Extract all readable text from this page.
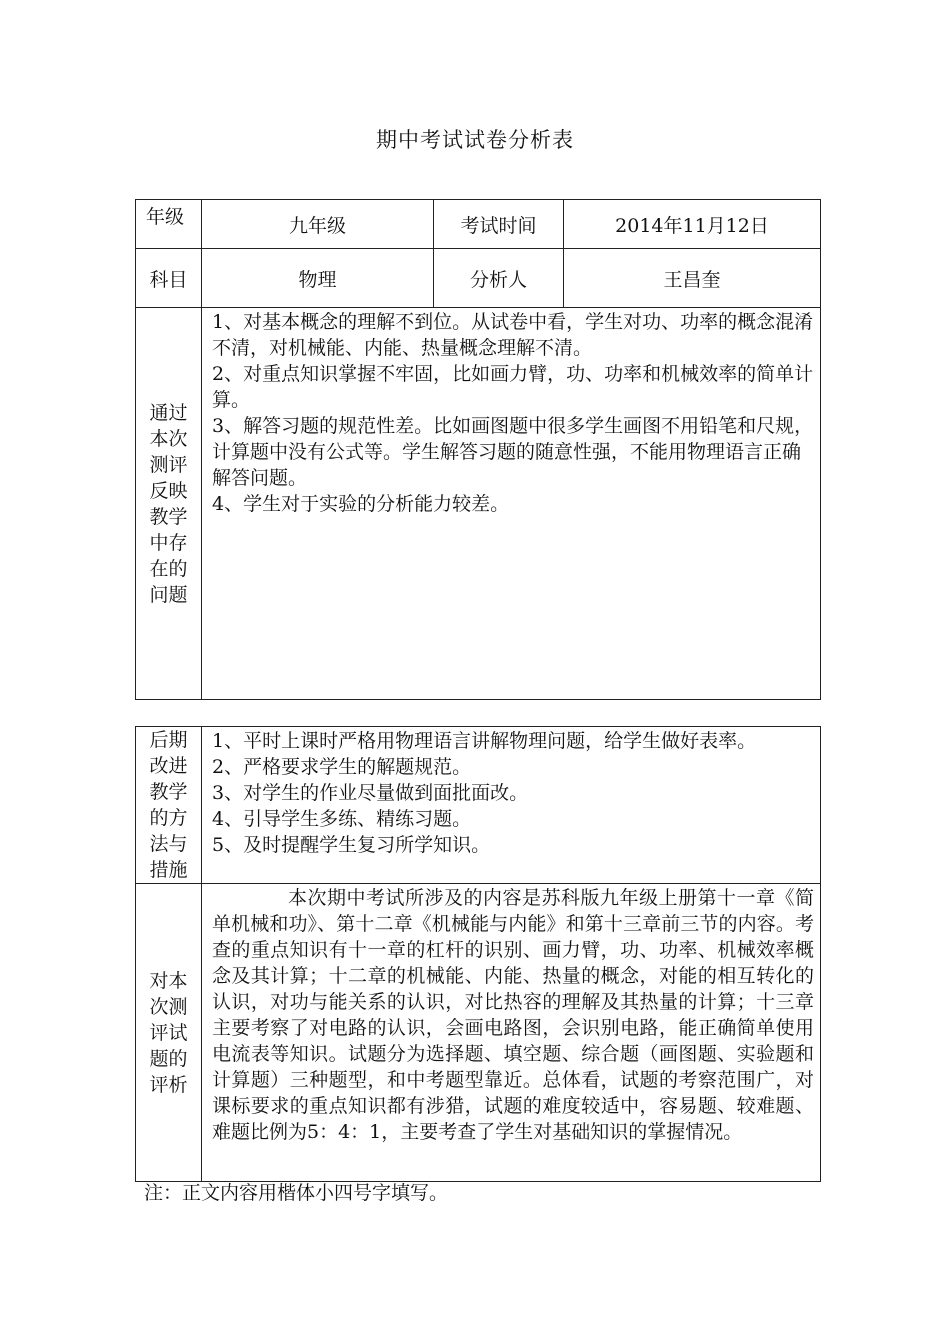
期中考试试卷分析表
年级	九年级	考试时间	2014年11月12日
科目	物理	分析人	王昌奎

通过本次测评反映教学中存在的问题	1、对基本概念的理解不到位。从试卷中看，学生对功、功率的概念混淆不清，对机械能、内能、热量概念理解不清。

2、对重点知识掌握不牢固，比如画力臂，功、功率和机械效率的简单计算。

3、解答习题的规范性差。比如画图题中很多学生画图不用铅笔和尺规，计算题中没有公式等。学生解答习题的随意性强，不能用物理语言正确解答问题。

4、学生对于实验的分析能力较差。		

后期改进教学的方法与措施	1、平时上课时严格用物理语言讲解物理问题，给学生做好表率。

2、严格要求学生的解题规范。

3、对学生的作业尽量做到面批面改。

4、引导学生多练、精练习题。

5、及时提醒学生复习所学知识。

对本次测评试题的评析	本次期中考试所涉及的内容是苏科版九年级上册第十一章《简单机械和功》、第十二章《机械能与内能》和第十三章前三节的内容。考查的重点知识有十一章的杠杆的识别、画力臂，功、功率、机械效率概念及其计算；十二章的机械能、内能、热量的概念，对能的相互转化的认识，对功与能关系的认识，对比热容的理解及其热量的计算；十三章主要考察了对电路的认识，会画电路图，会识别电路，能正确简单使用电流表等知识。试题分为选择题、填空题、综合题（画图题、实验题和计算题）三种题型，和中考题型靠近。总体看，试题的考察范围广，对课标要求的重点知识都有涉猎，试题的难度较适中，容易题、较难题、难题比例为5：4：1，主要考查了学生对基础知识的掌握情况。

注：正文内容用楷体小四号字填写。
